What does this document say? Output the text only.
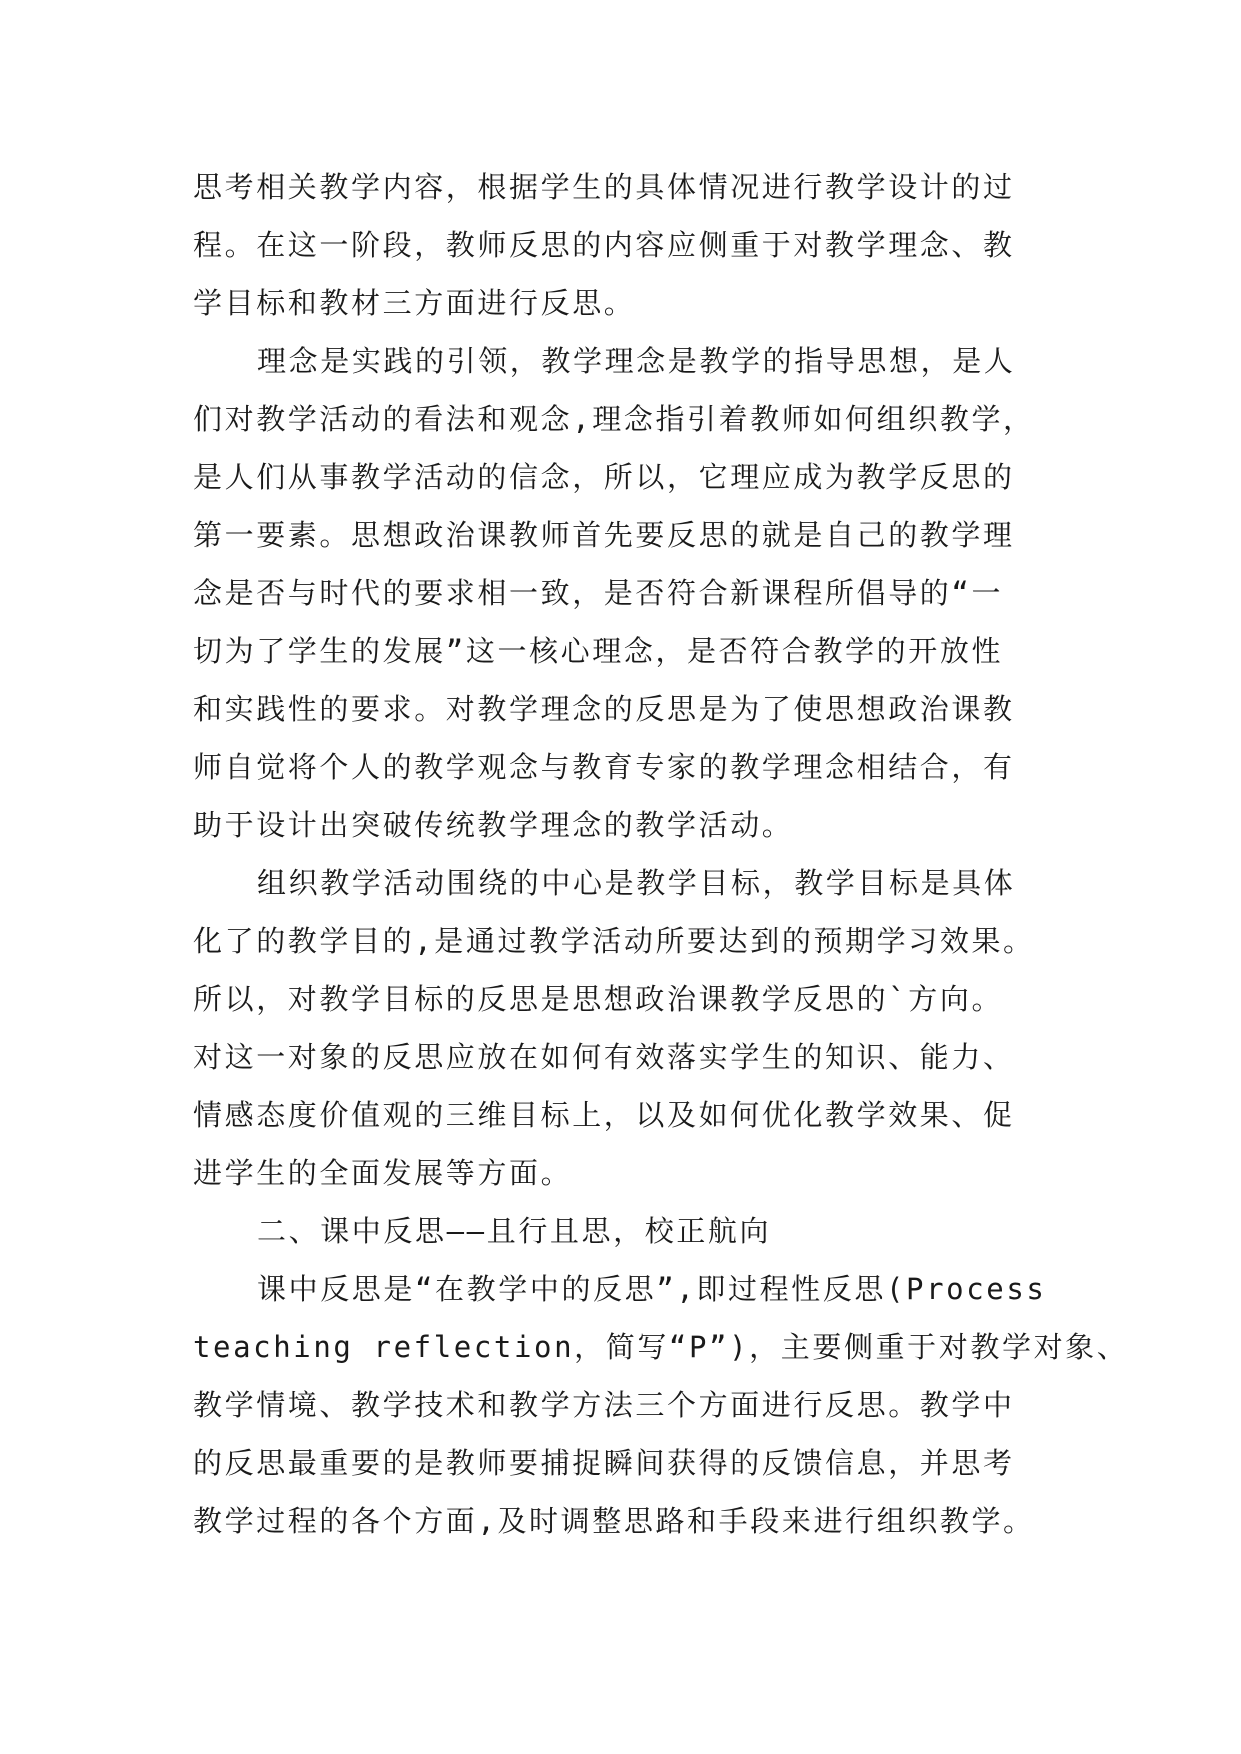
思考相关教学内容，根据学生的具体情况进行教学设计的过
程。在这一阶段，教师反思的内容应侧重于对教学理念、教
学目标和教材三方面进行反思。
理念是实践的引领，教学理念是教学的指导思想，是人
们对教学活动的看法和观念,理念指引着教师如何组织教学，
是人们从事教学活动的信念，所以，它理应成为教学反思的
第一要素。思想政治课教师首先要反思的就是自己的教学理
念是否与时代的要求相一致，是否符合新课程所倡导的“一
切为了学生的发展”这一核心理念，是否符合教学的开放性
和实践性的要求。对教学理念的反思是为了使思想政治课教
师自觉将个人的教学观念与教育专家的教学理念相结合，有
助于设计出突破传统教学理念的教学活动。
组织教学活动围绕的中心是教学目标，教学目标是具体
化了的教学目的,是通过教学活动所要达到的预期学习效果。
所以，对教学目标的反思是思想政治课教学反思的`方向。
对这一对象的反思应放在如何有效落实学生的知识、能力、
情感态度价值观的三维目标上，以及如何优化教学效果、促
进学生的全面发展等方面。
二、课中反思——且行且思，校正航向
课中反思是“在教学中的反思”,即过程性反思(Process
teaching reflection，简写“P”)，主要侧重于对教学对象、
教学情境、教学技术和教学方法三个方面进行反思。教学中
的反思最重要的是教师要捕捉瞬间获得的反馈信息，并思考
教学过程的各个方面,及时调整思路和手段来进行组织教学。
